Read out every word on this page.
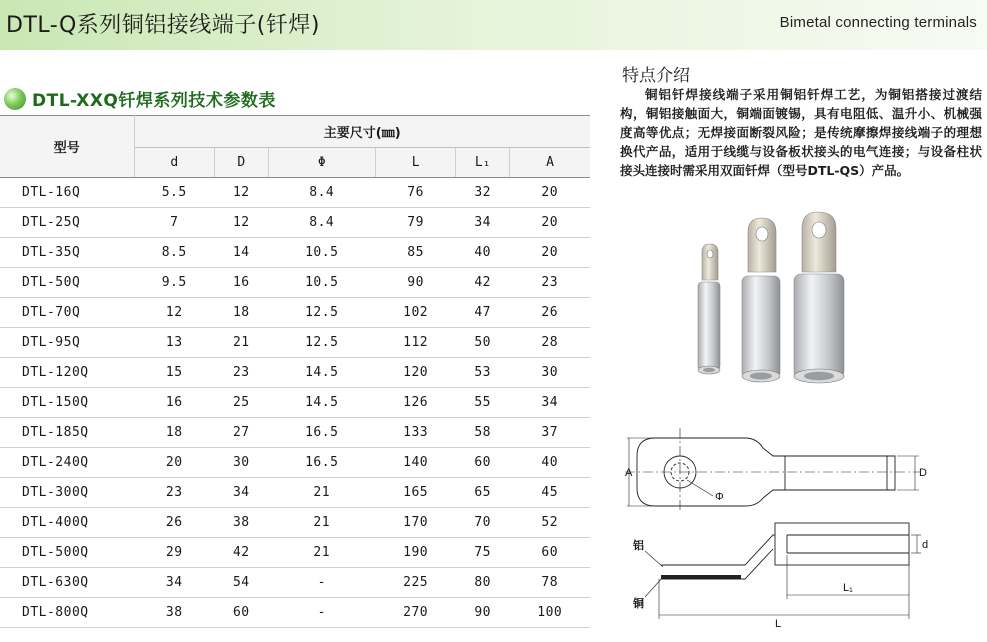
DTL-Q系列铜铝接线端子(钎焊)	Bimetal connecting terminals
DTL-XXQ钎焊系列技术参数表
型号	主要尺寸(㎜)					
	d	D	Φ	L	L₁	A
DTL-16Q	5.5	12	8.4	76	32	20
DTL-25Q	7	12	8.4	79	34	20
DTL-35Q	8.5	14	10.5	85	40	20
DTL-50Q	9.5	16	10.5	90	42	23
DTL-70Q	12	18	12.5	102	47	26
DTL-95Q	13	21	12.5	112	50	28
DTL-120Q	15	23	14.5	120	53	30
DTL-150Q	16	25	14.5	126	55	34
DTL-185Q	18	27	16.5	133	58	37
DTL-240Q	20	30	16.5	140	60	40
DTL-300Q	23	34	21	165	65	45
DTL-400Q	26	38	21	170	70	52
DTL-500Q	29	42	21	190	75	60
DTL-630Q	34	54	-	225	80	78
DTL-800Q	38	60	-	270	90	100
特点介绍
铜铝钎焊接线端子采用铜铝钎焊工艺，为铜铝搭接过渡结构，铜铝接触面大，铜端面镀锡，具有电阻低、温升小、机械强度高等优点；无焊接面断裂风险；是传统摩擦焊接线端子的理想换代产品，适用于线缆与设备板状接头的电气连接；与设备柱状接头连接时需采用双面钎焊（型号DTL-QS）产品。
A
Φ
D
铝
铜
d
L₁
L
